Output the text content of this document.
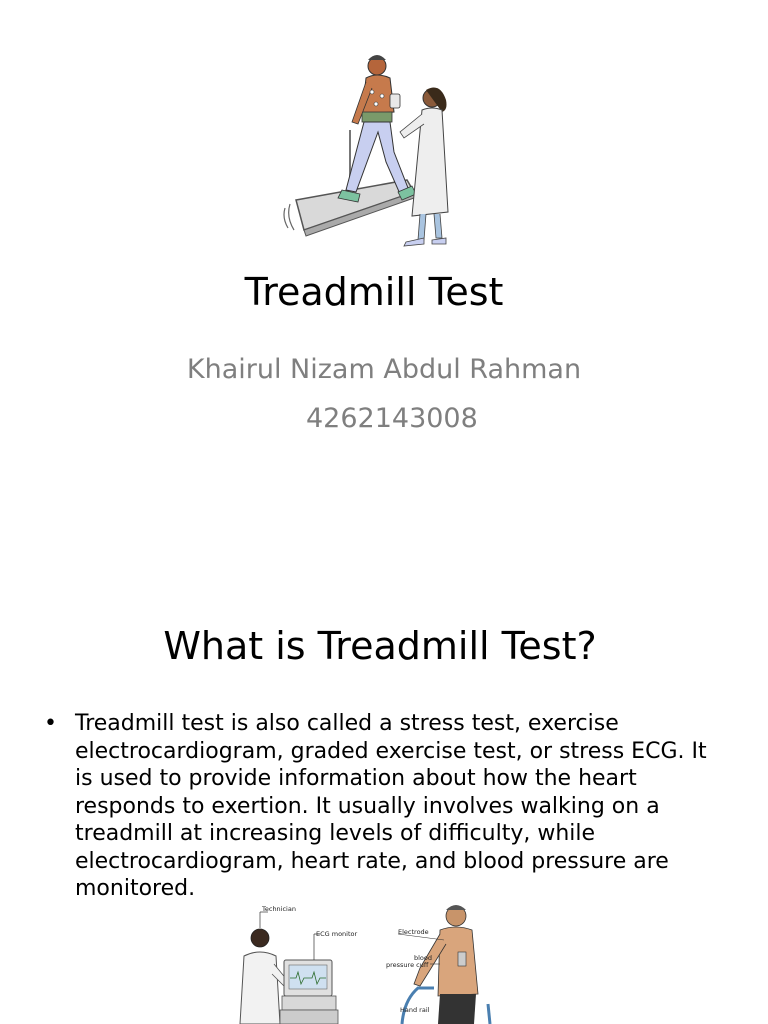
Treadmill Test
Khairul Nizam Abdul Rahman
4262143008
What is Treadmill Test?
• Treadmill test is also called a stress test, exercise electrocardiogram, graded exercise test, or stress ECG. It is used to provide information about how the heart responds to exertion. It usually involves walking on a treadmill at increasing levels of difficulty, while electrocardiogram, heart rate, and blood pressure are monitored.
Technician
ECG monitor	Electrode
blood
pressure cuff
Hand rail
